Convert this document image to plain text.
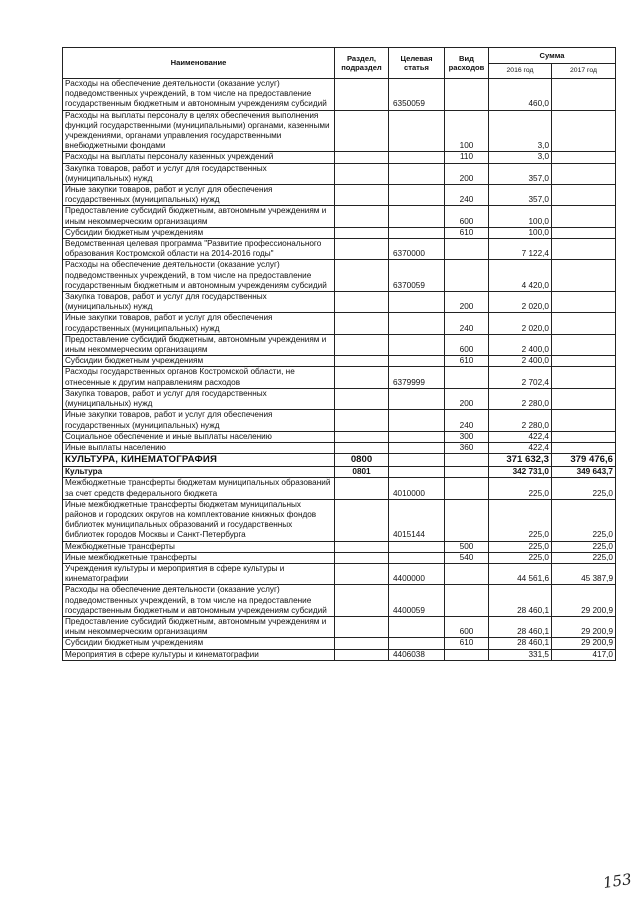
Наименование	Раздел, подраздел	Целевая статья	Вид расходов	Сумма	
				2016 год	2017 год
Расходы на обеспечение деятельности (оказание услуг) подведомственных учреждений, в том числе на предоставление государственным бюджетным и автономным учреждениям субсидий		6350059		460,0	
Расходы на выплаты персоналу в целях обеспечения выполнения функций государственными (муниципальными) органами, казенными учреждениями, органами управления государственными внебюджетными фондами			100	3,0	
Расходы на выплаты персоналу казенных учреждений			110	3,0	
Закупка товаров, работ и услуг для государственных (муниципальных) нужд			200	357,0	
Иные закупки товаров, работ и услуг для обеспечения государственных (муниципальных) нужд			240	357,0	
Предоставление субсидий бюджетным, автономным учреждениям и иным некоммерческим организациям			600	100,0	
Субсидии бюджетным учреждениям			610	100,0	
Ведомственная целевая программа "Развитие профессионального образования Костромской области на 2014-2016 годы"		6370000		7 122,4	
Расходы на обеспечение деятельности (оказание услуг) подведомственных учреждений, в том числе на предоставление государственным бюджетным и автономным учреждениям субсидий		6370059		4 420,0	
Закупка товаров, работ и услуг для государственных (муниципальных) нужд			200	2 020,0	
Иные закупки товаров, работ и услуг для обеспечения государственных (муниципальных) нужд			240	2 020,0	
Предоставление субсидий бюджетным, автономным учреждениям и иным некоммерческим организациям			600	2 400,0	
Субсидии бюджетным учреждениям			610	2 400,0	
Расходы государственных органов Костромской области, не отнесенные к другим направлениям расходов		6379999		2 702,4	
Закупка товаров, работ и услуг для государственных (муниципальных) нужд			200	2 280,0	
Иные закупки товаров, работ и услуг для обеспечения государственных (муниципальных) нужд			240	2 280,0	
Социальное обеспечение и иные выплаты населению			300	422,4	
Иные выплаты населению			360	422,4	
КУЛЬТУРА, КИНЕМАТОГРАФИЯ	0800			371 632,3	379 476,6
Культура	0801			342 731,0	349 643,7
Межбюджетные трансферты бюджетам муниципальных образований за счет средств федерального бюджета		4010000		225,0	225,0
Иные межбюджетные трансферты бюджетам муниципальных районов и городских округов на комплектование книжных фондов библиотек муниципальных образований и государственных библиотек городов Москвы и Санкт-Петербурга		4015144		225,0	225,0
Межбюджетные трансферты			500	225,0	225,0
Иные межбюджетные трансферты			540	225,0	225,0
Учреждения культуры и мероприятия в сфере культуры и кинематографии		4400000		44 561,6	45 387,9
Расходы на обеспечение деятельности (оказание услуг) подведомственных учреждений, в том числе на предоставление государственным бюджетным и автономным учреждениям субсидий		4400059		28 460,1	29 200,9
Предоставление субсидий бюджетным, автономным учреждениям и иным некоммерческим организациям			600	28 460,1	29 200,9
Субсидии бюджетным учреждениям			610	28 460,1	29 200,9
Мероприятия в сфере культуры и кинематографии		4406038		331,5	417,0
153
